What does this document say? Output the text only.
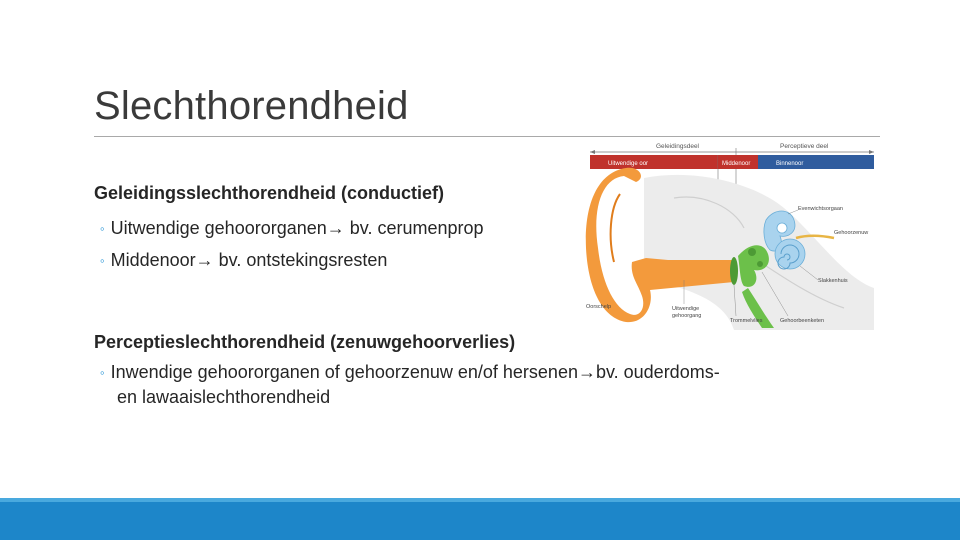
Slechthorendheid
Geleidingsslechthorendheid (conductief)
◦ Uitwendige gehoororganen→ bv. cerumenprop
◦ Middenoor→ bv. ontstekingsresten
Perceptieslechthorendheid (zenuwgehoorverlies)
◦ Inwendige gehoororganen of gehoorzenuw en/of hersenen→bv. ouderdoms-
en lawaaislechthorendheid
Geleidingsdeel	Perceptieve deel
Uitwendige oor	Middenoor	Binnenoor
Evenwichtsorgaan
Gehoorzenuw
Slakkenhuis
Oorschelp	Uitwendige
gehoorgang
Trommelvlies	Gehoorbeenketen
